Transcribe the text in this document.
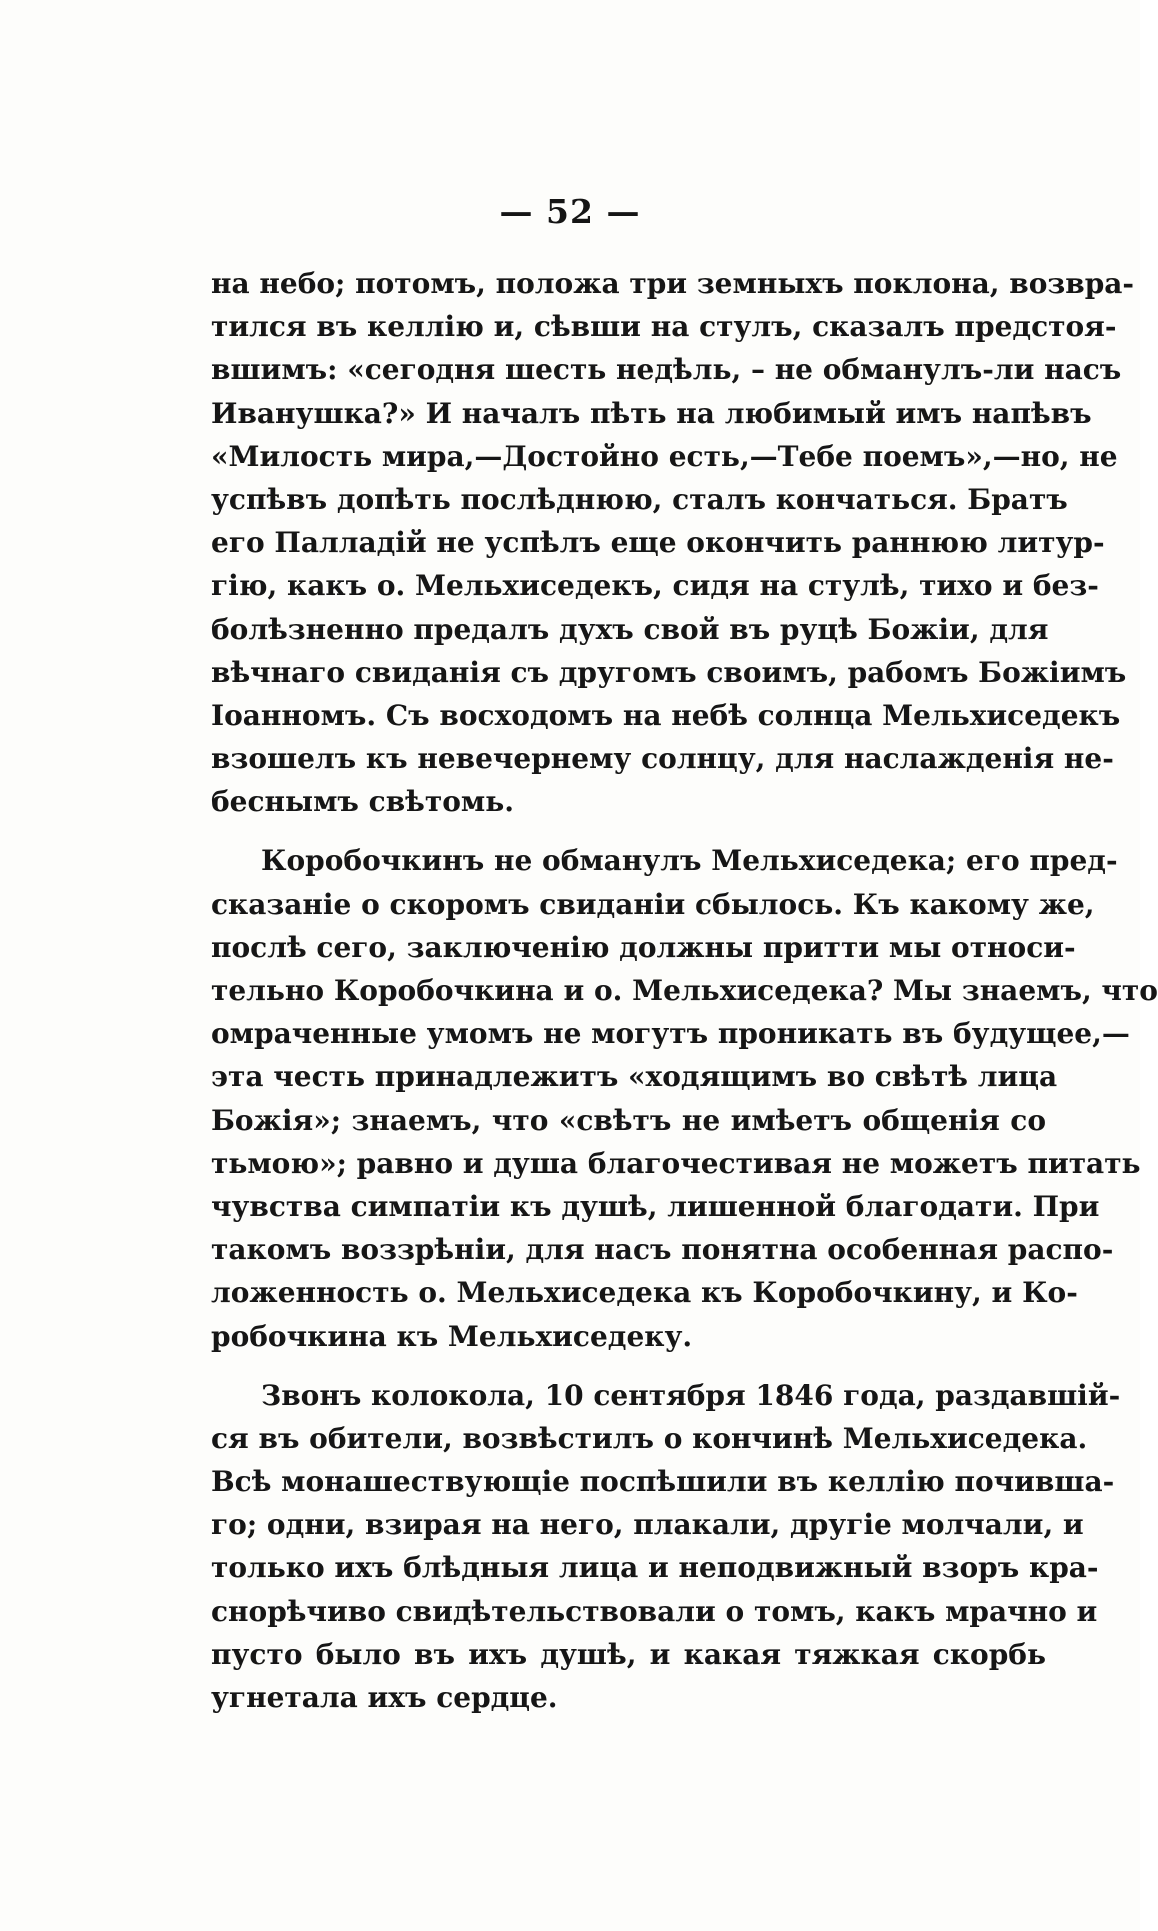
— 52 —
на небо; потомъ, положа три земныхъ поклона, возвра-
тился въ келлію и, сѣвши на стулъ, сказалъ предстоя-
вшимъ: «сегодня шесть недѣль, – не обманулъ-ли насъ
Иванушка?» И началъ пѣть на любимый имъ напѣвъ
«Милость мира,—Достойно есть,—Тебе поемъ»,—но, не
успѣвъ допѣть послѣднюю, сталъ кончаться. Братъ
его Палладій не успѣлъ еще окончить раннюю литур-
гію, какъ о. Мельхиседекъ, сидя на стулѣ, тихо и без-
болѣзненно предалъ духъ свой въ руцѣ Божіи, для
вѣчнаго свиданія съ другомъ своимъ, рабомъ Божіимъ
Іоанномъ. Съ восходомъ на небѣ солнца Мельхиседекъ
взошелъ къ невечернему солнцу, для наслажденія не-
беснымъ свѣтомь.
Коробочкинъ не обманулъ Мельхиседека; его пред-
сказаніе о скоромъ свиданіи сбылось. Къ какому же,
послѣ сего, заключенію должны притти мы относи-
тельно Коробочкина и о. Мельхиседека? Мы знаемъ, что
омраченные умомъ не могутъ проникать въ будущее,—
эта честь принадлежитъ «ходящимъ во свѣтѣ лица
Божія»; знаемъ, что «свѣтъ не имѣетъ общенія со
тьмою»; равно и душа благочестивая не можетъ питать
чувства симпатіи къ душѣ, лишенной благодати. При
такомъ воззрѣніи, для насъ понятна особенная распо-
ложенность о. Мельхиседека къ Коробочкину, и Ко-
робочкина къ Мельхиседеку.
Звонъ колокола, 10 сентября 1846 года, раздавшій-
ся въ обители, возвѣстилъ о кончинѣ Мельхиседека.
Всѣ монашествующіе поспѣшили въ келлію почивша-
го; одни, взирая на него, плакали, другіе молчали, и
только ихъ блѣдныя лица и неподвижный взоръ кра-
снорѣчиво свидѣтельствовали о томъ, какъ мрачно и
пусто было въ ихъ душѣ, и какая тяжкая скорбь
угнетала ихъ сердце.
